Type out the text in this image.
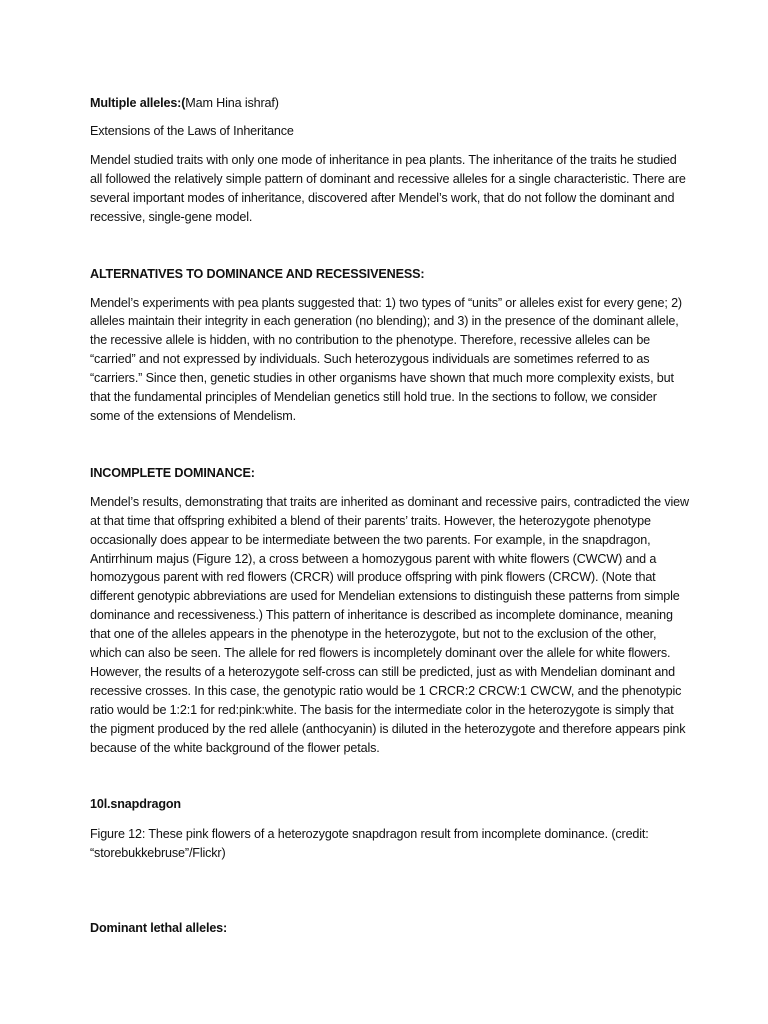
Multiple alleles:(Mam Hina ishraf)

Extensions of the Laws of Inheritance

Mendel studied traits with only one mode of inheritance in pea plants. The inheritance of the traits he studied all followed the relatively simple pattern of dominant and recessive alleles for a single characteristic. There are several important modes of inheritance, discovered after Mendel’s work, that do not follow the dominant and recessive, single-gene model.

ALTERNATIVES TO DOMINANCE AND RECESSIVENESS:

Mendel’s experiments with pea plants suggested that: 1) two types of “units” or alleles exist for every gene; 2) alleles maintain their integrity in each generation (no blending); and 3) in the presence of the dominant allele, the recessive allele is hidden, with no contribution to the phenotype. Therefore, recessive alleles can be “carried” and not expressed by individuals. Such heterozygous individuals are sometimes referred to as “carriers.” Since then, genetic studies in other organisms have shown that much more complexity exists, but that the fundamental principles of Mendelian genetics still hold true. In the sections to follow, we consider some of the extensions of Mendelism.

INCOMPLETE DOMINANCE:

Mendel’s results, demonstrating that traits are inherited as dominant and recessive pairs, contradicted the view at that time that offspring exhibited a blend of their parents’ traits. However, the heterozygote phenotype occasionally does appear to be intermediate between the two parents. For example, in the snapdragon, Antirrhinum majus (Figure 12), a cross between a homozygous parent with white flowers (CWCW) and a homozygous parent with red flowers (CRCR) will produce offspring with pink flowers (CRCW). (Note that different genotypic abbreviations are used for Mendelian extensions to distinguish these patterns from simple dominance and recessiveness.) This pattern of inheritance is described as incomplete dominance, meaning that one of the alleles appears in the phenotype in the heterozygote, but not to the exclusion of the other, which can also be seen. The allele for red flowers is incompletely dominant over the allele for white flowers. However, the results of a heterozygote self-cross can still be predicted, just as with Mendelian dominant and recessive crosses. In this case, the genotypic ratio would be 1 CRCR:2 CRCW:1 CWCW, and the phenotypic ratio would be 1:2:1 for red:pink:white. The basis for the intermediate color in the heterozygote is simply that the pigment produced by the red allele (anthocyanin) is diluted in the heterozygote and therefore appears pink because of the white background of the flower petals.

10l.snapdragon

Figure 12: These pink flowers of a heterozygote snapdragon result from incomplete dominance. (credit: “storebukkebruse”/Flickr)

Dominant lethal alleles:
